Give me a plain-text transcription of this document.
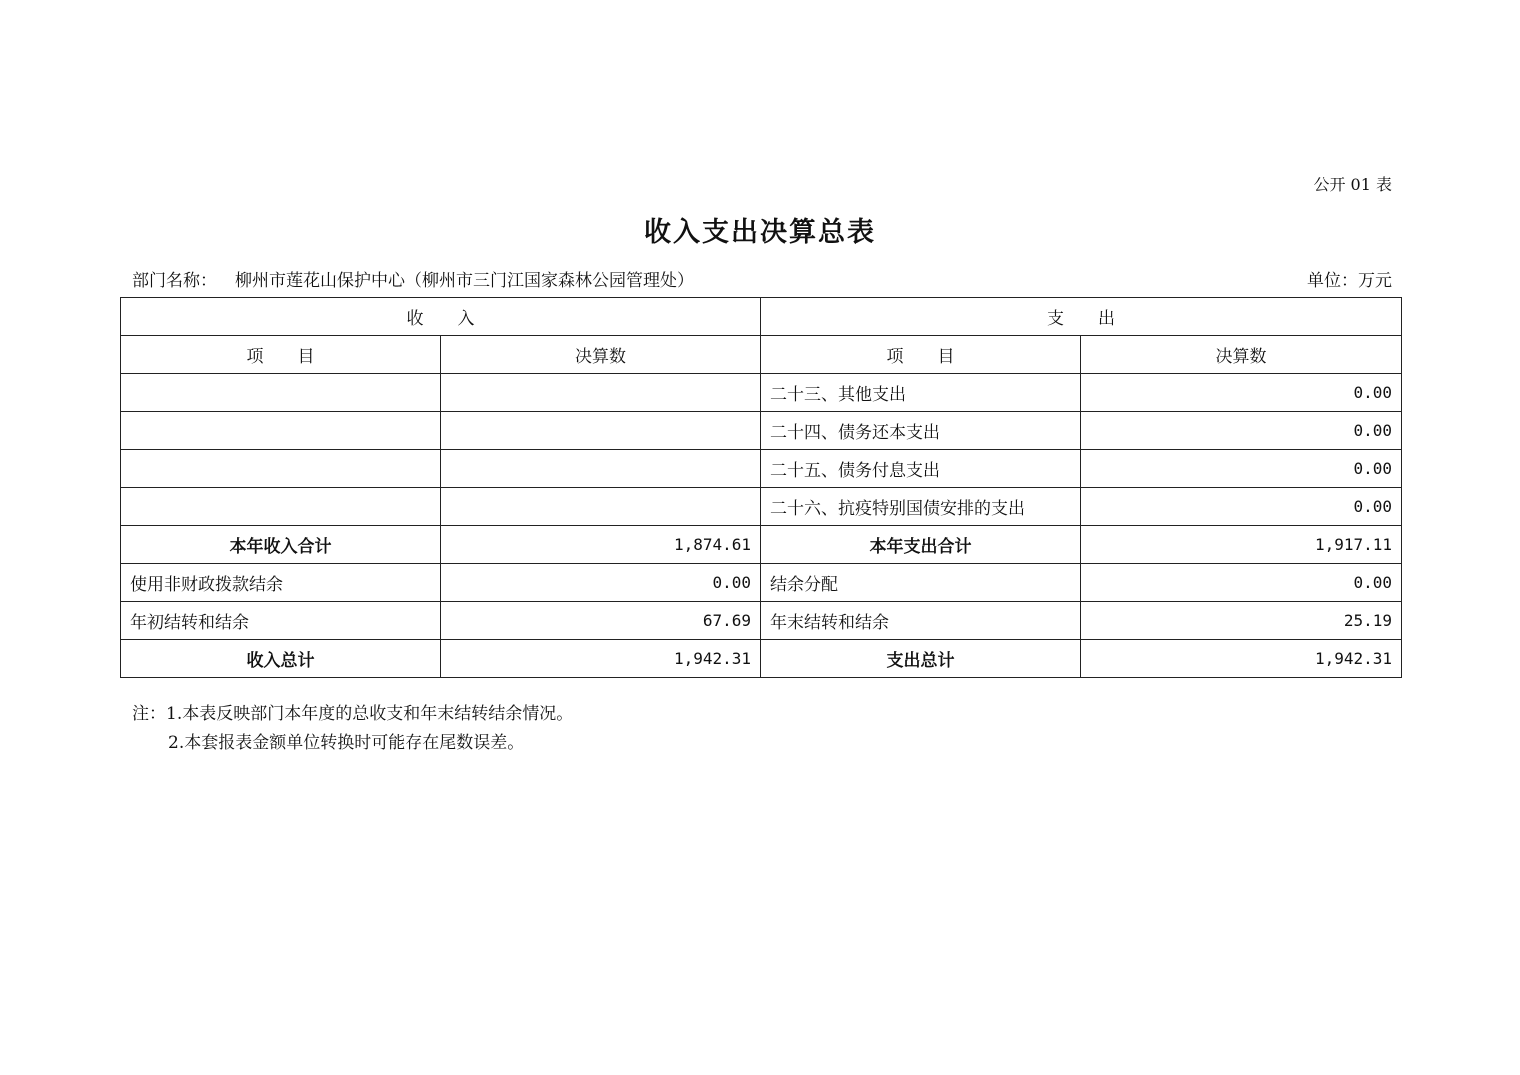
公开 01 表
收入支出决算总表
部门名称： 柳州市莲花山保护中心（柳州市三门江国家森林公园管理处）	单位：万元
收　　入		支　　出	
项　　目	决算数	项　　目	决算数
		二十三、其他支出	0.00
		二十四、债务还本支出	0.00
		二十五、债务付息支出	0.00
		二十六、抗疫特别国债安排的支出	0.00
本年收入合计	1,874.61	本年支出合计	1,917.11
使用非财政拨款结余	0.00	结余分配	0.00
年初结转和结余	67.69	年末结转和结余	25.19
收入总计	1,942.31	支出总计	1,942.31
注：1.本表反映部门本年度的总收支和年末结转结余情况。
2.本套报表金额单位转换时可能存在尾数误差。
